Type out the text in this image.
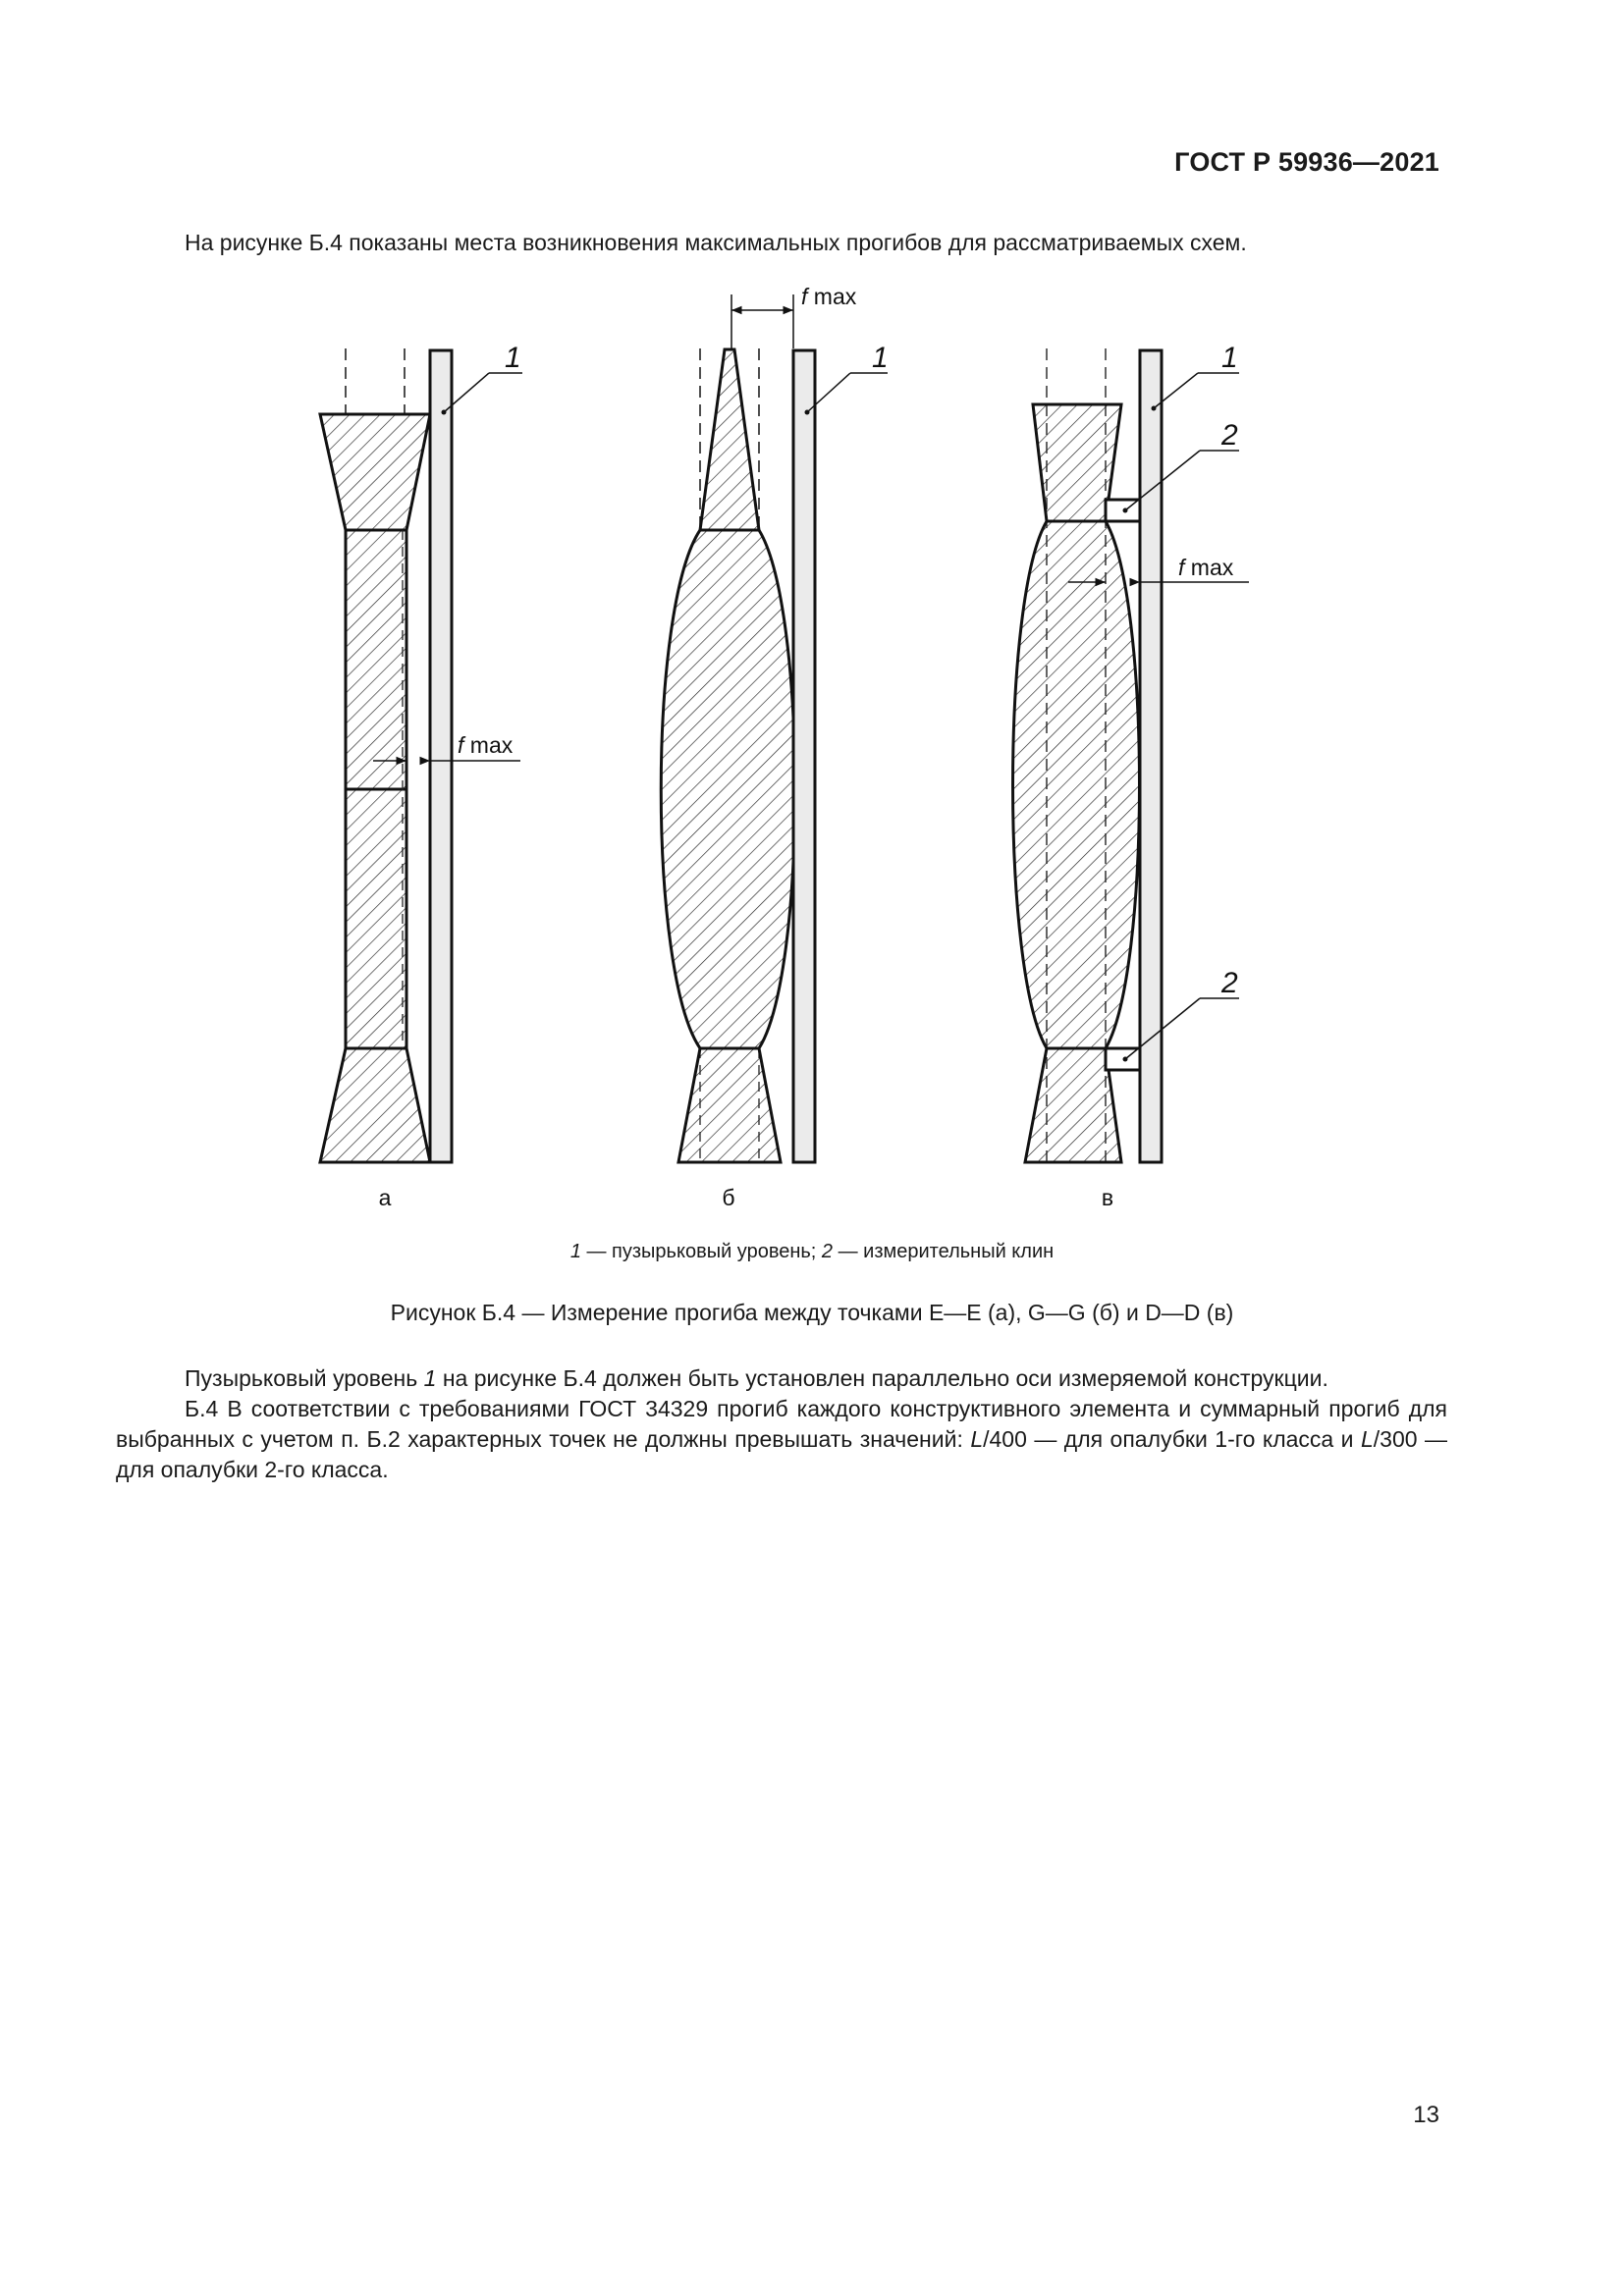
ГОСТ Р 59936—2021
На рисунке Б.4 показаны места возникновения максимальных прогибов для рассматриваемых схем.
f max
1
а
f max
1
б
f max
1
2
2
в
1 — пузырьковый уровень; 2 — измерительный клин
Рисунок Б.4 — Измерение прогиба между точками E—E (а), G—G (б) и D—D (в)
Пузырьковый уровень 1 на рисунке Б.4 должен быть установлен параллельно оси измеряемой конструкции.
Б.4 В соответствии с требованиями ГОСТ 34329 прогиб каждого конструктивного элемента и суммарный прогиб для выбранных с учетом п. Б.2 характерных точек не должны превышать значений: L/400 — для опалубки 1-го класса и L/300 — для опалубки 2-го класса.
13
